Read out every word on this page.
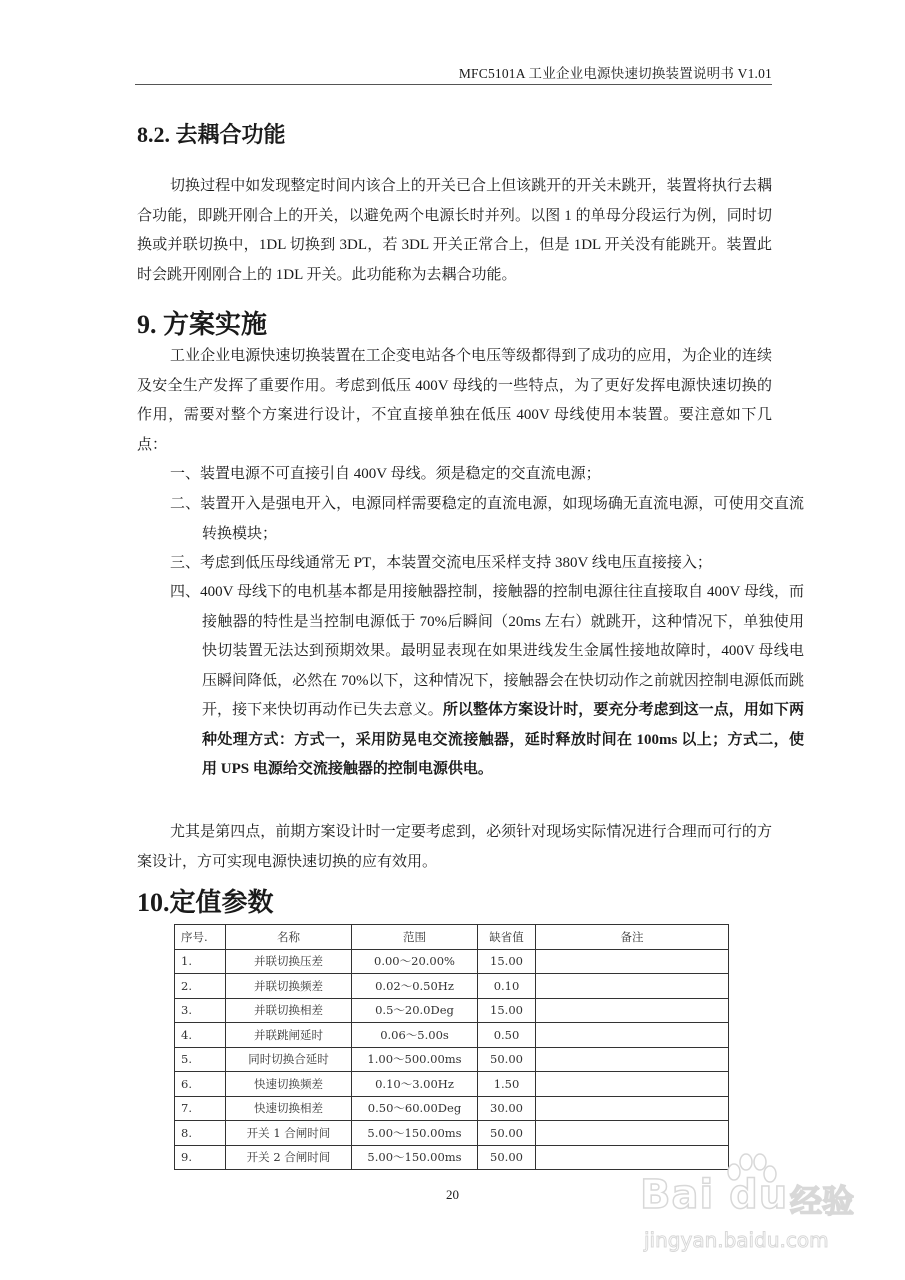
MFC5101A 工业企业电源快速切换装置说明书 V1.01
8.2. 去耦合功能
切换过程中如发现整定时间内该合上的开关已合上但该跳开的开关未跳开，装置将执行去耦合功能，即跳开刚合上的开关，以避免两个电源长时并列。以图 1 的单母分段运行为例，同时切换或并联切换中，1DL 切换到 3DL，若 3DL 开关正常合上，但是 1DL 开关没有能跳开。装置此时会跳开刚刚合上的 1DL 开关。此功能称为去耦合功能。
9. 方案实施
工业企业电源快速切换装置在工企变电站各个电压等级都得到了成功的应用，为企业的连续及安全生产发挥了重要作用。考虑到低压 400V 母线的一些特点，为了更好发挥电源快速切换的作用，需要对整个方案进行设计，不宜直接单独在低压 400V 母线使用本装置。要注意如下几点：
一、装置电源不可直接引自 400V 母线。须是稳定的交直流电源；
二、装置开入是强电开入，电源同样需要稳定的直流电源，如现场确无直流电源，可使用交直流转换模块；
三、考虑到低压母线通常无 PT，本装置交流电压采样支持 380V 线电压直接接入；
四、400V 母线下的电机基本都是用接触器控制，接触器的控制电源往往直接取自 400V 母线，而接触器的特性是当控制电源低于 70%后瞬间（20ms 左右）就跳开，这种情况下，单独使用快切装置无法达到预期效果。最明显表现在如果进线发生金属性接地故障时，400V 母线电压瞬间降低，必然在 70%以下，这种情况下，接触器会在快切动作之前就因控制电源低而跳开，接下来快切再动作已失去意义。所以整体方案设计时，要充分考虑到这一点，用如下两种处理方式：方式一，采用防晃电交流接触器，延时释放时间在 100ms 以上；方式二，使用 UPS 电源给交流接触器的控制电源供电。
尤其是第四点，前期方案设计时一定要考虑到，必须针对现场实际情况进行合理而可行的方案设计，方可实现电源快速切换的应有效用。
10.定值参数
序号.	名称	范围	缺省值	备注
1.	并联切换压差	0.00～20.00%	15.00	
2.	并联切换频差	0.02～0.50Hz	0.10	
3.	并联切换相差	0.5～20.0Deg	15.00	
4.	并联跳闸延时	0.06～5.00s	0.50	
5.	同时切换合延时	1.00～500.00ms	50.00	
6.	快速切换频差	0.10～3.00Hz	1.50	
7.	快速切换相差	0.50～60.00Deg	30.00	
8.	开关 1 合闸时间	5.00～150.00ms	50.00	
9.	开关 2 合闸时间	5.00～150.00ms	50.00	
20	Bai du 经验
jingyan.baidu.com
